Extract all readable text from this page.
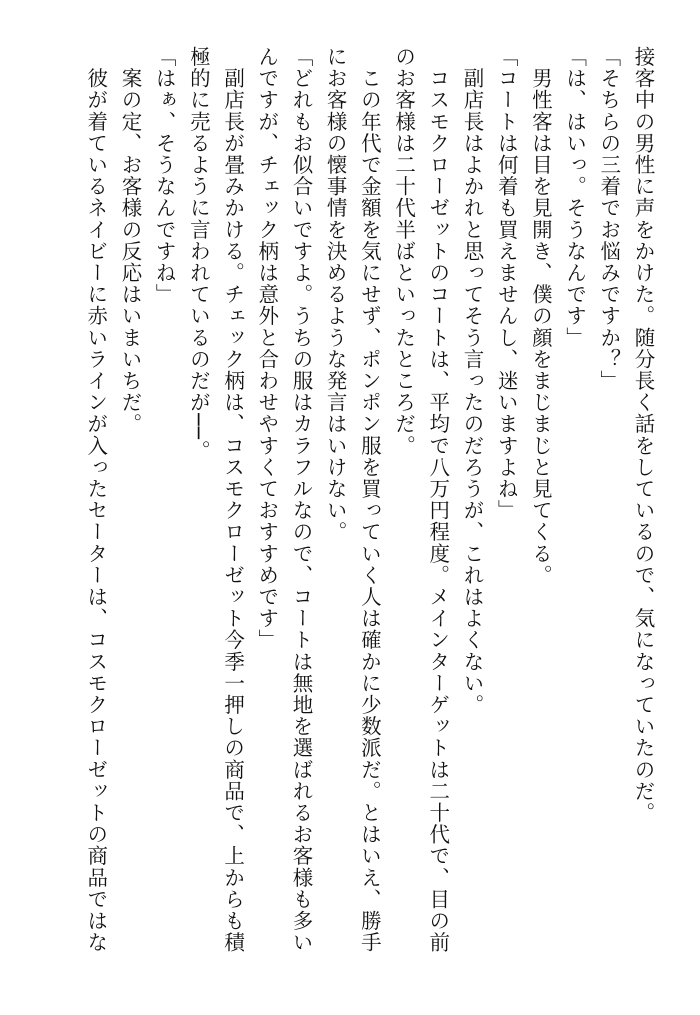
接客中の男性に声をかけた。随分長く話をしているので、気になっていたのだ。
「そちらの三着でお悩みですか？」
「は、はいっ。そうなんです」
　男性客は目を見開き、僕の顔をまじまじと見てくる。
「コートは何着も買えませんし、迷いますよね」
　副店長はよかれと思ってそう言ったのだろうが、これはよくない。
　コスモクローゼットのコートは、平均で八万円程度。メインターゲットは二十代で、目の前
のお客様は二十代半ばといったところだ。
　この年代で金額を気にせず、ポンポン服を買っていく人は確かに少数派だ。とはいえ、勝手
にお客様の懐事情を決めるような発言はいけない。
「どれもお似合いですよ。うちの服はカラフルなので、コートは無地を選ばれるお客様も多い
んですが、チェック柄は意外と合わせやすくておすすめです」
　副店長が畳みかける。チェック柄は、コスモクローゼット今季一押しの商品で、上からも積
極的に売るように言われているのだが──。
「はぁ、そうなんですね」
　案の定、お客様の反応はいまいちだ。
　彼が着ているネイビーに赤いラインが入ったセーターは、コスモクローゼットの商品ではな
